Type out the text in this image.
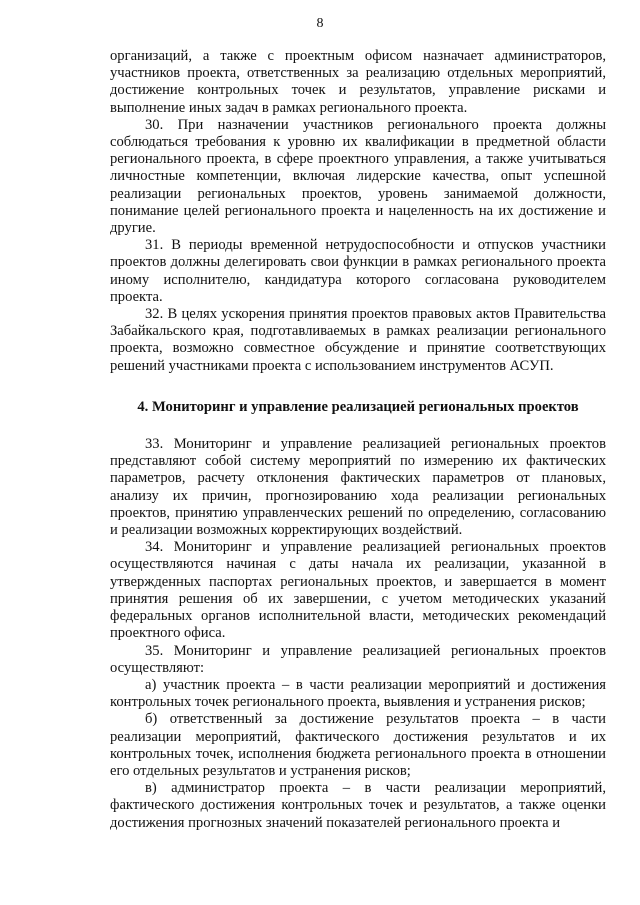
8

организаций, а также с проектным офисом назначает администраторов, участников проекта, ответственных за реализацию отдельных мероприятий, достижение контрольных точек и результатов, управление рисками и выполнение иных задач в рамках регионального проекта.

30. При назначении участников регионального проекта должны соблюдаться требования к уровню их квалификации в предметной области регионального проекта, в сфере проектного управления, а также учитываться личностные компетенции, включая лидерские качества, опыт успешной реализации региональных проектов, уровень занимаемой должности, понимание целей регионального проекта и нацеленность на их достижение и другие.

31. В периоды временной нетрудоспособности и отпусков участники проектов должны делегировать свои функции в рамках регионального проекта иному исполнителю, кандидатура которого согласована руководителем проекта.

32. В целях ускорения принятия проектов правовых актов Правительства Забайкальского края, подготавливаемых в рамках реализации регионального проекта, возможно совместное обсуждение и принятие соответствующих решений участниками проекта с использованием инструментов АСУП.

4. Мониторинг и управление реализацией региональных проектов

33. Мониторинг и управление реализацией региональных проектов представляют собой систему мероприятий по измерению их фактических параметров, расчету отклонения фактических параметров от плановых, анализу их причин, прогнозированию хода реализации региональных проектов, принятию управленческих решений по определению, согласованию и реализации возможных корректирующих воздействий.

34. Мониторинг и управление реализацией региональных проектов осуществляются начиная с даты начала их реализации, указанной в утвержденных паспортах региональных проектов, и завершается в момент принятия решения об их завершении, с учетом методических указаний федеральных органов исполнительной власти, методических рекомендаций проектного офиса.

35. Мониторинг и управление реализацией региональных проектов осуществляют:

а) участник проекта – в части реализации мероприятий и достижения контрольных точек регионального проекта, выявления и устранения рисков;

б) ответственный за достижение результатов проекта – в части реализации мероприятий, фактического достижения результатов и их контрольных точек, исполнения бюджета регионального проекта в отношении его отдельных результатов и устранения рисков;

в) администратор проекта – в части реализации мероприятий, фактического достижения контрольных точек и результатов, а также оценки достижения прогнозных значений показателей регионального проекта и
